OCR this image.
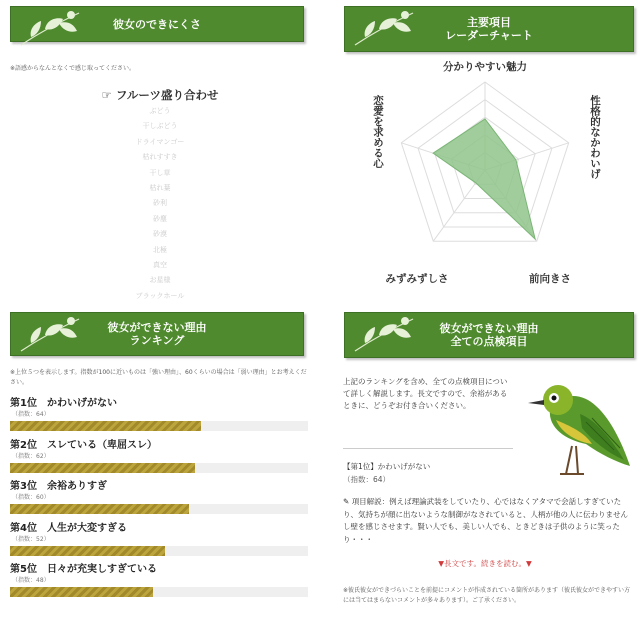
彼女のできにくさ
※語感からなんとなくで感じ取ってください。
☞ フルーツ盛り合わせ
ぶどう
干しぶどう
ドライマンゴー
枯れすすき
干し草
枯れ葉
砂利
砂塵
砂漠
北極
真空
お星様
ブラックホール
主要項目
レーダーチャート
分かりやすい魅力
性格的なかわいげ
前向きさ
みずみずしさ
恋愛を求める心
彼女ができない理由
ランキング
※上位５つを表示します。指数が100に近いものは「強い理由」、60くらいの場合は「弱い理由」とお考えください。
第1位　かわいげがない
（指数：64）
第2位　スレている（卑屈スレ）
（指数：62）
第3位　余裕ありすぎ
（指数：60）
第4位　人生が大変すぎる
（指数：52）
第5位　日々が充実しすぎている
（指数：48）
彼女ができない理由
全ての点検項目
上記のランキングを含め、全ての点検項目について詳しく解説します。長文ですので、余裕があるときに、どうぞお付き合いください。
【第1位】かわいげがない
（指数：64）
✎ 項目解説：例えば理論武装をしていたり、心ではなくアタマで会話しすぎていたり、気持ちが顔に出ないような制御がなされていると、人柄が他の人に伝わりませんし壁を感じさせます。賢い人でも、美しい人でも、ときどきは子供のように笑ったり・・・
▼長文です。続きを読む。▼
※彼氏彼女ができづらいことを前提にコメントが作成されている箇所があります（彼氏彼女ができやすい方には当てはまらないコメントが多々あります）。ご了承ください。
